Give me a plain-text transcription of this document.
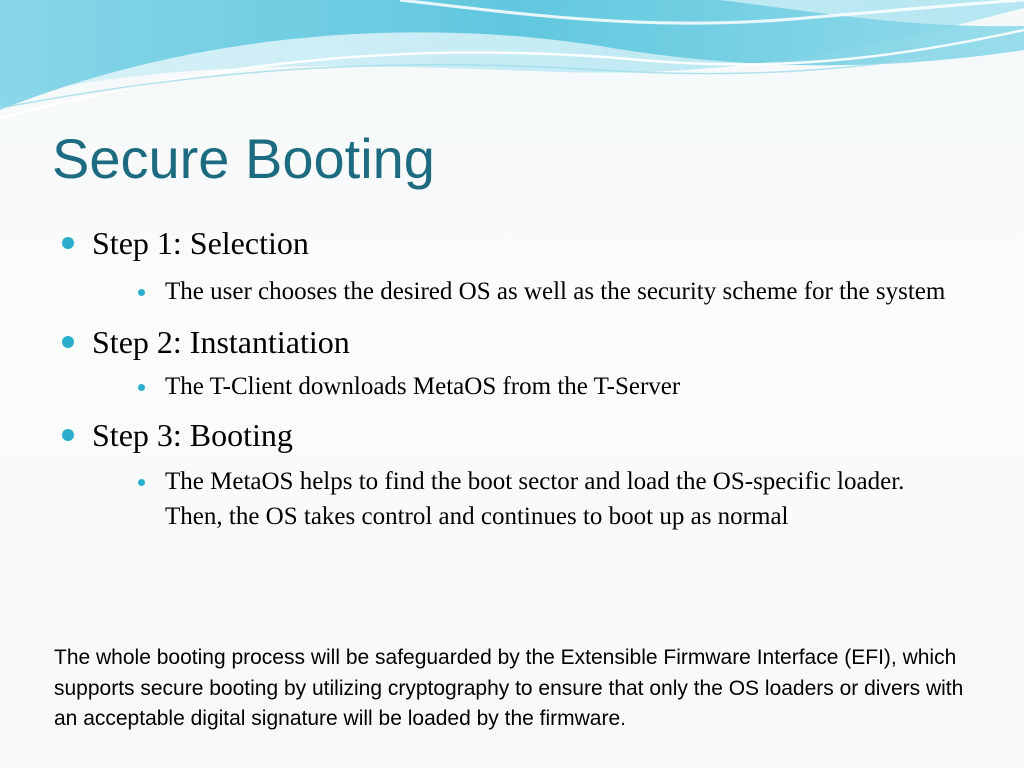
Secure Booting
Step 1: Selection
The user chooses the desired OS as well as the security scheme for the system
Step 2: Instantiation
The T-Client downloads MetaOS from the T-Server
Step 3: Booting
The MetaOS helps to find the boot sector and load the OS-specific loader. Then, the OS takes control and continues to boot up as normal
The whole booting process will be safeguarded by the Extensible Firmware Interface (EFI), which supports secure booting by utilizing cryptography to ensure that only the OS loaders or divers with an acceptable digital signature will be loaded by the firmware.
